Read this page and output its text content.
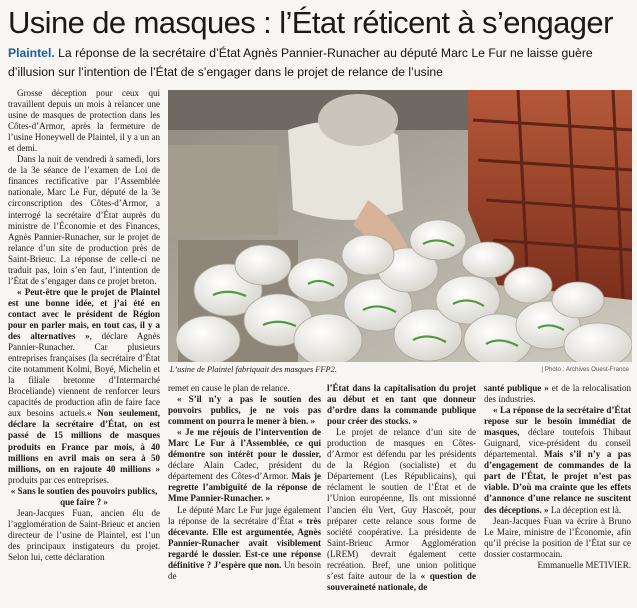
Usine de masques : l’État réticent à s’engager
Plaintel. La réponse de la secrétaire d’État Agnès Pannier-Runacher au député Marc Le Fur ne laisse guère d’illusion sur l’intention de l’État de s’engager dans le projet de relance de l’usine

Grosse déception pour ceux qui travaillent depuis un mois à relancer une usine de masques de protection dans les Côtes-d’Armor, après la fermeture de l’usine Honeywell de Plaintel, il y a un an et demi.

Dans la nuit de vendredi à samedi, lors de la 3e séance de l’examen de Loi de finances rectificative par l’Assemblée nationale, Marc Le Fur, député de la 3e circonscription des Côtes-d’Armor, a interrogé la secrétaire d’État auprès du ministre de l’Économie et des Finances, Agnès Pannier-Runacher, sur le projet de relance d’un site de production près de Saint-Brieuc. La réponse de celle-ci ne traduit pas, loin s’en faut, l’intention de l’État de s’engager dans ce projet breton.

« Peut-être que le projet de Plaintel est une bonne idée, et j’ai été en contact avec le président de Région pour en parler mais, en tout cas, il y a des alternatives », déclare Agnès Pannier-Runacher. Car plusieurs entreprises françaises (la secrétaire d’État cite notamment Kolmi, Boyé, Michelin et la filiale bretonne d’Intermarché Broceliande) viennent de renforcer leurs capacités de production afin de faire face aux besoins actuels.« Non seulement, déclare la secrétaire d’État, on est passé de 15 millions de masques produits en France par mois, à 40 millions en avril mais on sera à 50 millions, on en rajoute 40 millions » produits par ces entreprises.

« Sans le soutien des pouvoirs publics, que faire ? »

Jean-Jacques Fuan, ancien élu de l’agglomération de Saint-Brieuc et ancien directeur de l’usine de Plaintel, est l’un des principaux instigateurs du projet. Selon lui, cette déclaration

L’usine de Plaintel fabriquait des masques FFP2.	| Photo : Archives Ouest-France

remet en cause le plan de relance.

« S’il n’y a pas le soutien des pouvoirs publics, je ne vois pas comment on pourra le mener à bien. »

« Je me réjouis de l’intervention de Marc Le Fur à l’Assemblée, ce qui démontre son intérêt pour le dossier, déclare Alain Cadec, président du département des Côtes-d’Armor. Mais je regrette l’ambiguïté de la réponse de Mme Pannier-Runacher. »

Le député Marc Le Fur juge également la réponse de la secrétaire d’État « très décevante. Elle est argumentée, Agnès Pannier-Runacher avait visiblement regardé le dossier. Est-ce une réponse définitive ? J’espère que non. Un besoin de

l’État dans la capitalisation du projet au début et en tant que donneur d’ordre dans la commande publique pour créer des stocks. »

Le projet de relance d’un site de production de masques en Côtes-d’Armor est défendu par les présidents de la Région (socialiste) et du Département (Les Républicains), qui réclament le soutien de l’État et de l’Union européenne, Ils ont missionné l’ancien élu Vert, Guy Hascoët, pour préparer cette relance sous forme de société coopérative. La présidente de Saint-Brieuc Armor Agglomération (LREM) devrait également cette recréation. Bref, une union politique s’est faite autour de la « question de souveraineté nationale, de

santé publique » et de la relocalisation des industries.

« La réponse de la secrétaire d’État repose sur le besoin immédiat de masques, déclare toutefois Thibaut Guignard, vice-président du conseil départemental. Mais s’il n’y a pas d’engagement de commandes de la part de l’État, le projet n’est pas viable. D’où ma crainte que les effets d’annonce d’une relance ne suscitent des déceptions. » La déception est là.

Jean-Jacques Fuan va écrire à Bruno Le Maire, ministre de l’Économie, afin qu’il précise la position de l’État sur ce dossier costarmocain.

Emmanuelle METIVIER.
